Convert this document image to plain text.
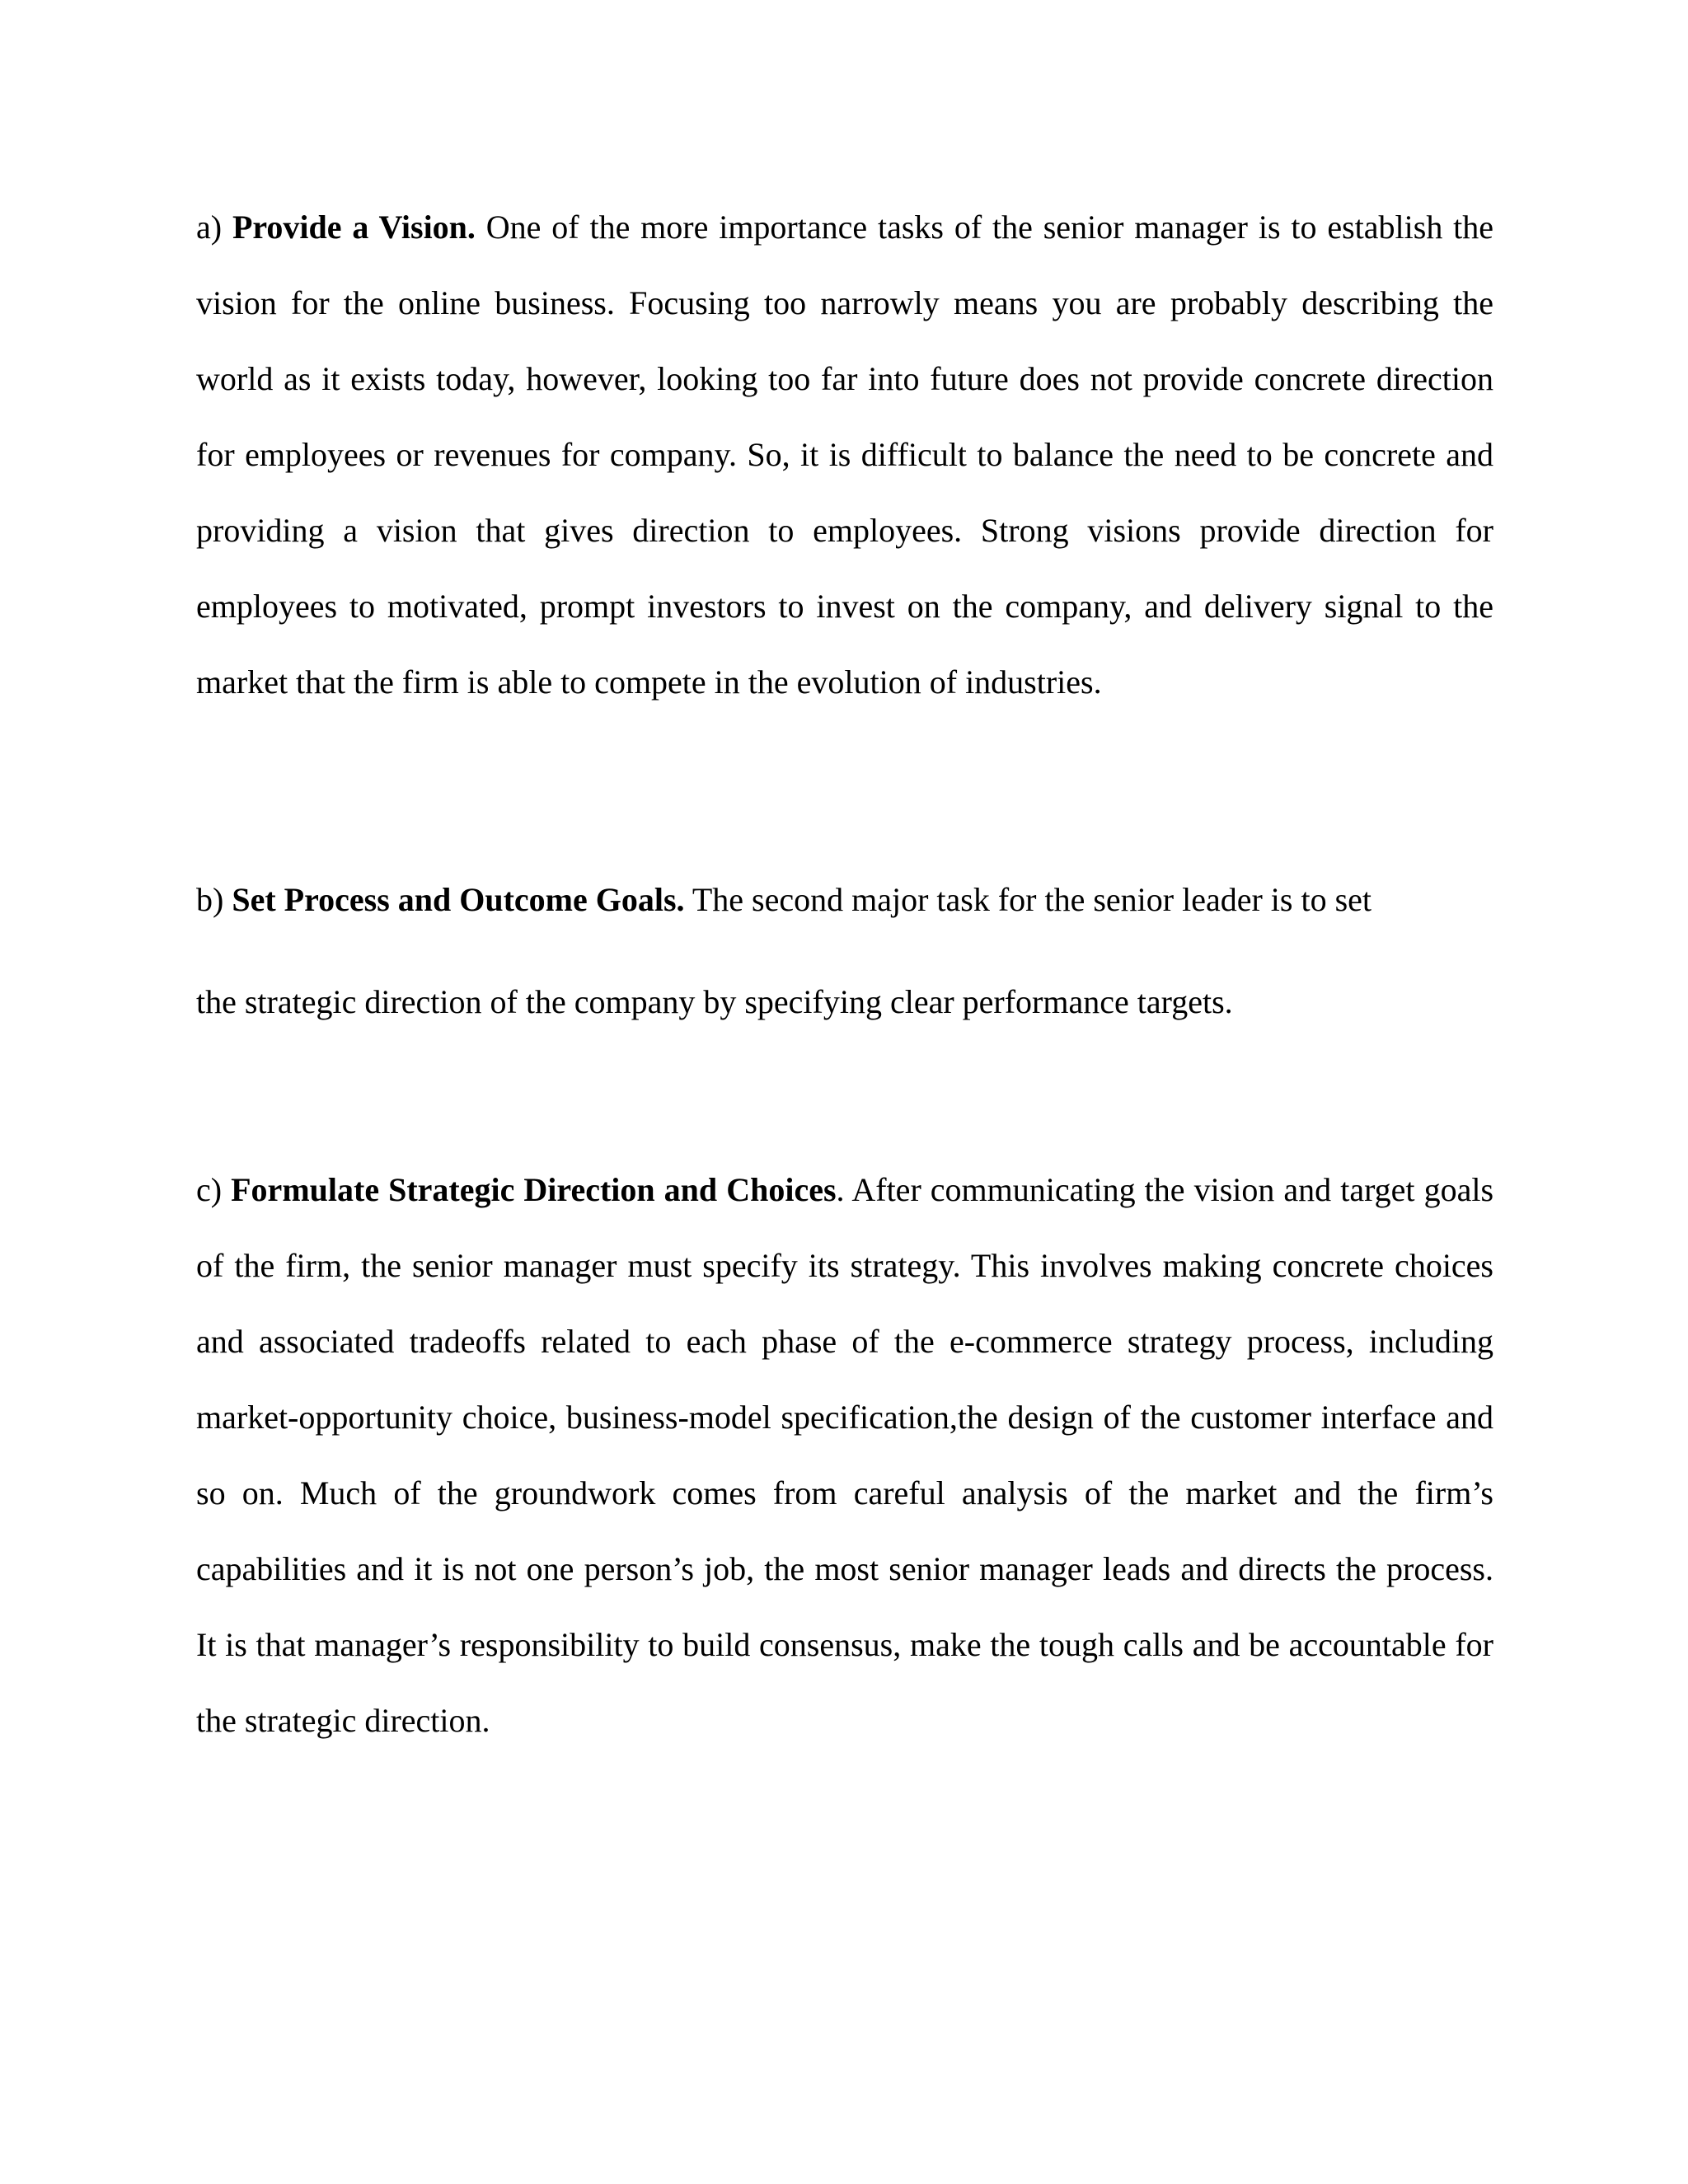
a) Provide a Vision. One of the more importance tasks of the senior manager is to establish the vision for the online business. Focusing too narrowly means you are probably describing the world as it exists today, however, looking too far into future does not provide concrete direction for employees or revenues for company. So, it is difficult to balance the need to be concrete and providing a vision that gives direction to employees. Strong visions provide direction for employees to motivated, prompt investors to invest on the company, and delivery signal to the market that the firm is able to compete in the evolution of industries.

b) Set Process and Outcome Goals. The second major task for the senior leader is to set
the strategic direction of the company by specifying clear performance targets.

c) Formulate Strategic Direction and Choices. After communicating the vision and target goals of the firm, the senior manager must specify its strategy. This involves making concrete choices and associated tradeoffs related to each phase of the e-commerce strategy process, including market-opportunity choice, business-model specification,the design of the customer interface and so on. Much of the groundwork comes from careful analysis of the market and the firm’s capabilities and it is not one person’s job, the most senior manager leads and directs the process. It is that manager’s responsibility to build consensus, make the tough calls and be accountable for the strategic direction.
